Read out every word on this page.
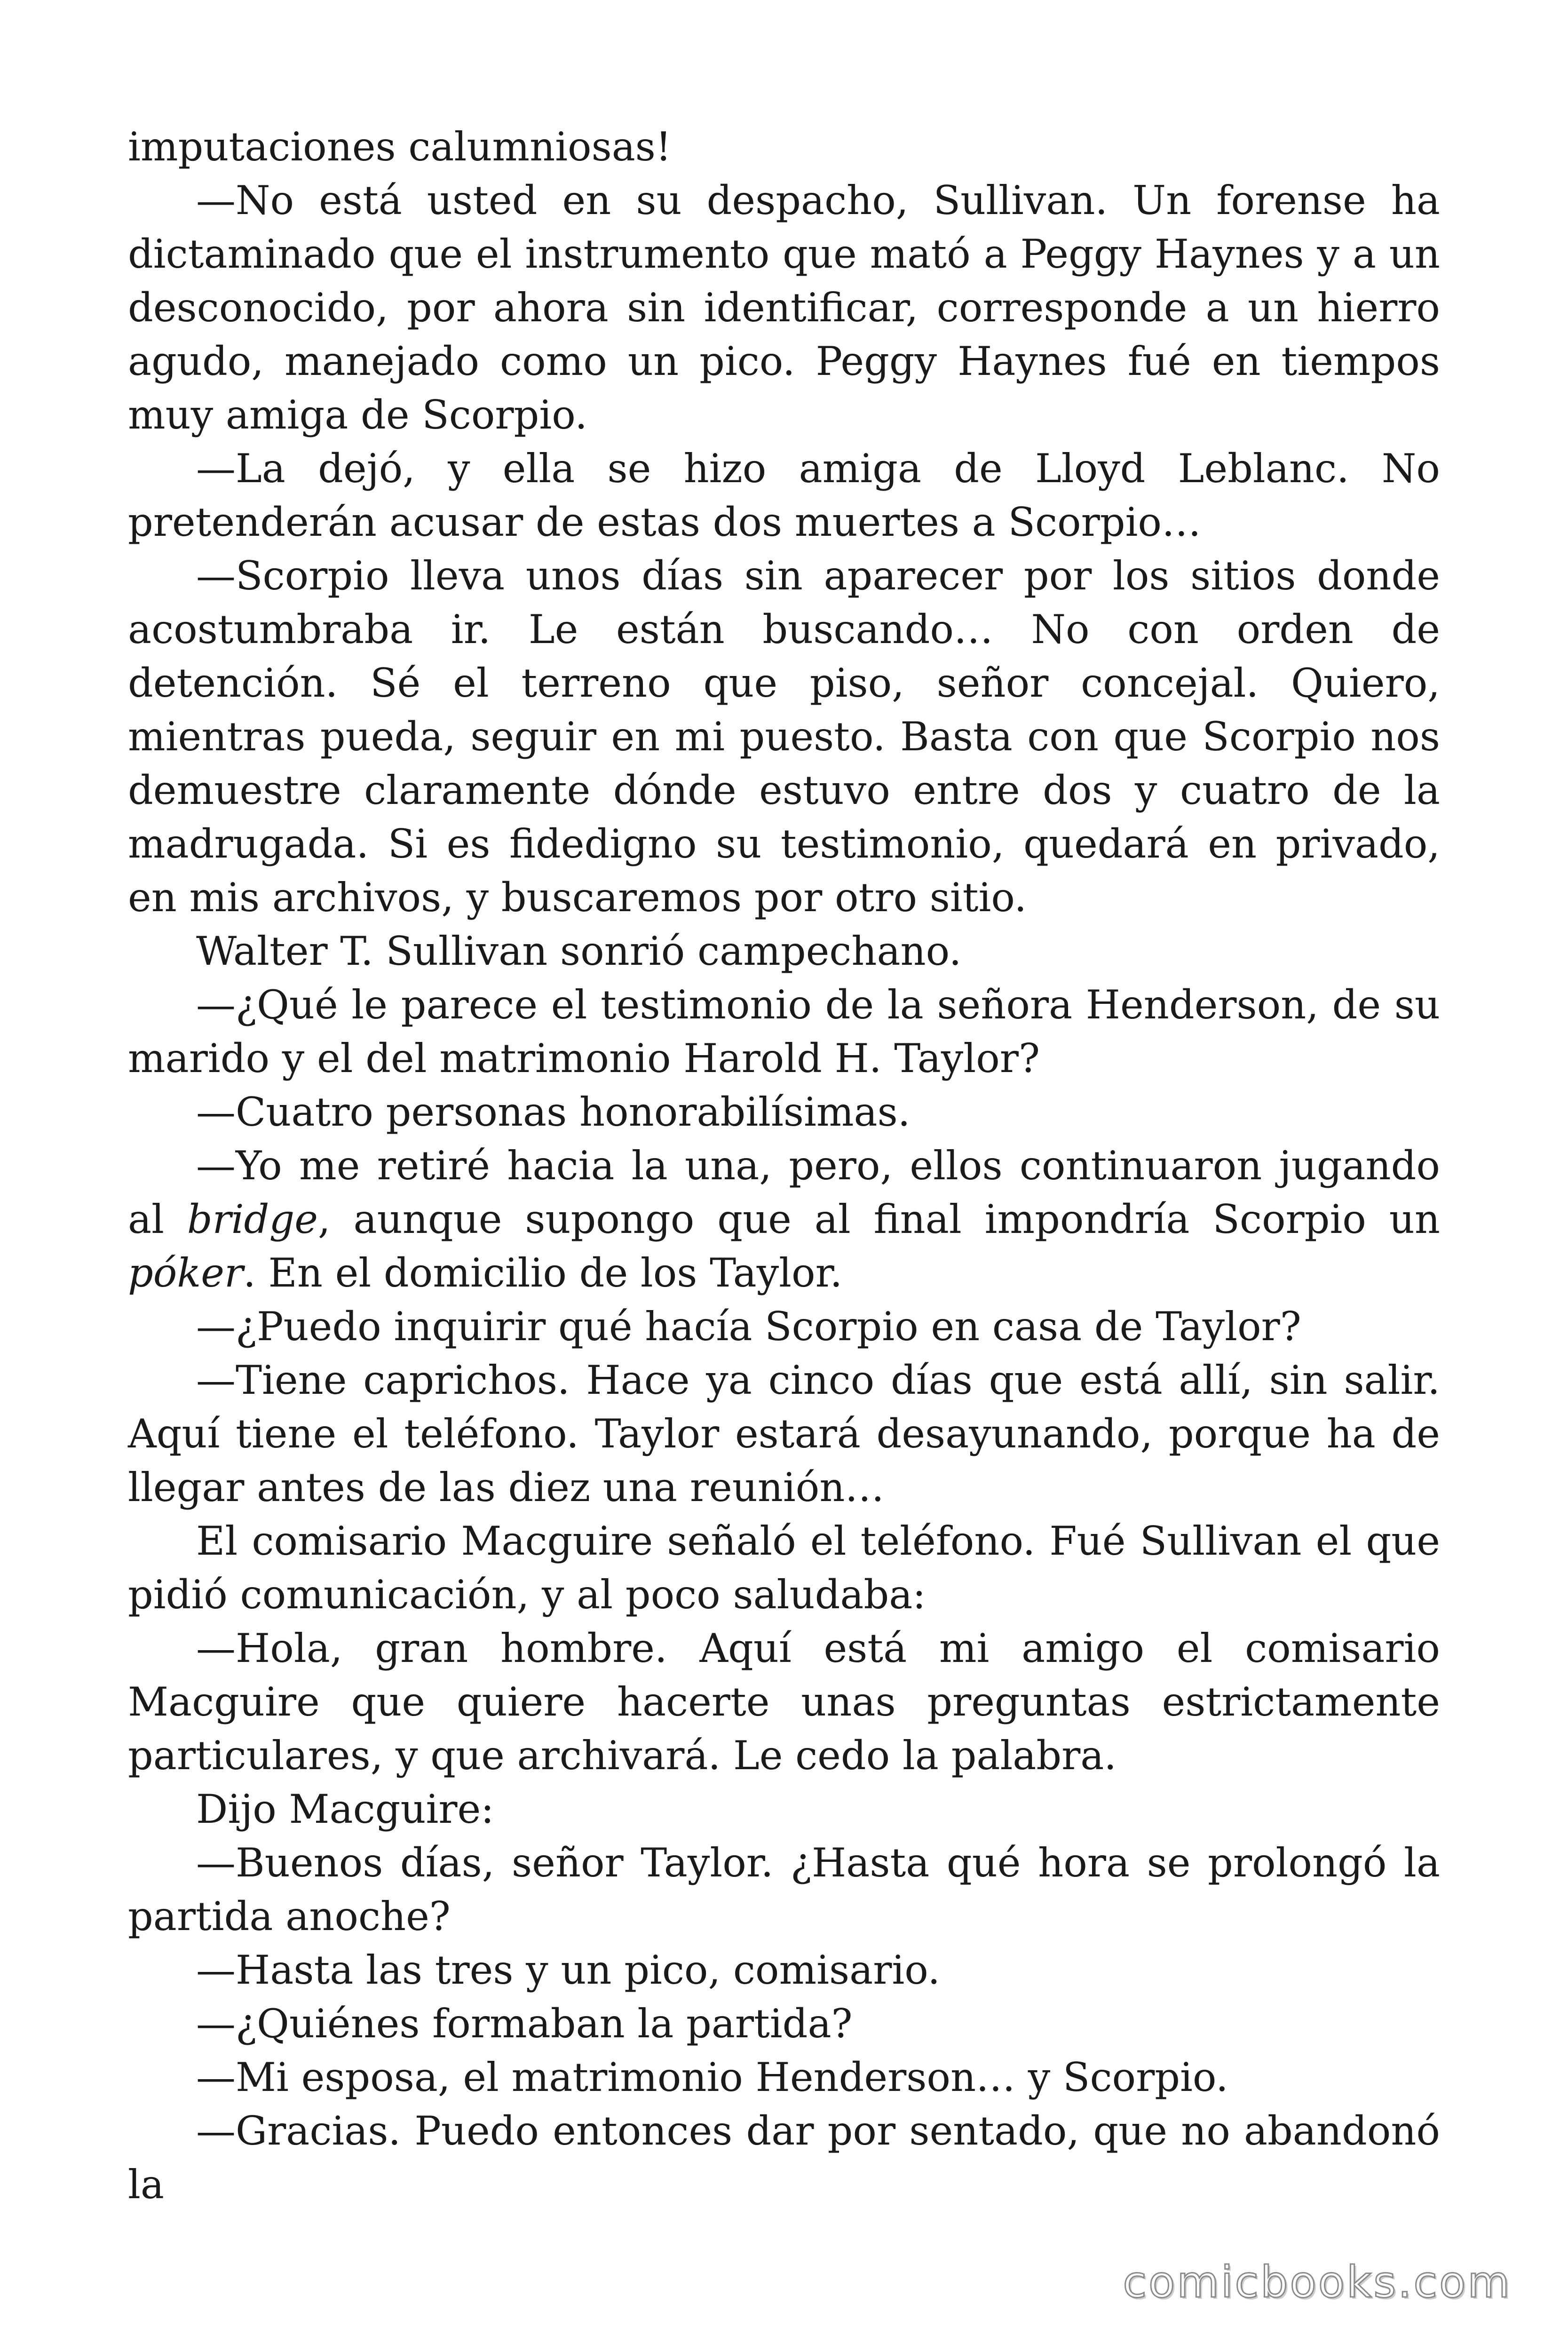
imputaciones calumniosas!

—No está usted en su despacho, Sullivan. Un forense ha dictaminado que el instrumento que mató a Peggy Haynes y a un desconocido, por ahora sin identificar, corresponde a un hierro agudo, manejado como un pico. Peggy Haynes fué en tiempos muy amiga de Scorpio.

—La dejó, y ella se hizo amiga de Lloyd Leblanc. No pretenderán acusar de estas dos muertes a Scorpio…

—Scorpio lleva unos días sin aparecer por los sitios donde acostumbraba ir. Le están buscando… No con orden de detención. Sé el terreno que piso, señor concejal. Quiero, mientras pueda, seguir en mi puesto. Basta con que Scorpio nos demuestre claramente dónde estuvo entre dos y cuatro de la madrugada. Si es fidedigno su testimonio, quedará en privado, en mis archivos, y buscaremos por otro sitio.

Walter T. Sullivan sonrió campechano.

—¿Qué le parece el testimonio de la señora Henderson, de su marido y el del matrimonio Harold H. Taylor?

—Cuatro personas honorabilísimas.

—Yo me retiré hacia la una, pero, ellos continuaron jugando al bridge, aunque supongo que al final impondría Scorpio un póker. En el domicilio de los Taylor.

—¿Puedo inquirir qué hacía Scorpio en casa de Taylor?

—Tiene caprichos. Hace ya cinco días que está allí, sin salir. Aquí tiene el teléfono. Taylor estará desayunando, porque ha de llegar antes de las diez una reunión…

El comisario Macguire señaló el teléfono. Fué Sullivan el que pidió comunicación, y al poco saludaba:

—Hola, gran hombre. Aquí está mi amigo el comisario Macguire que quiere hacerte unas preguntas estrictamente particulares, y que archivará. Le cedo la palabra.

Dijo Macguire:

—Buenos días, señor Taylor. ¿Hasta qué hora se prolongó la partida anoche?

—Hasta las tres y un pico, comisario.

—¿Quiénes formaban la partida?

—Mi esposa, el matrimonio Henderson… y Scorpio.

—Gracias. Puedo entonces dar por sentado, que no abandonó la

comicbooks.com
